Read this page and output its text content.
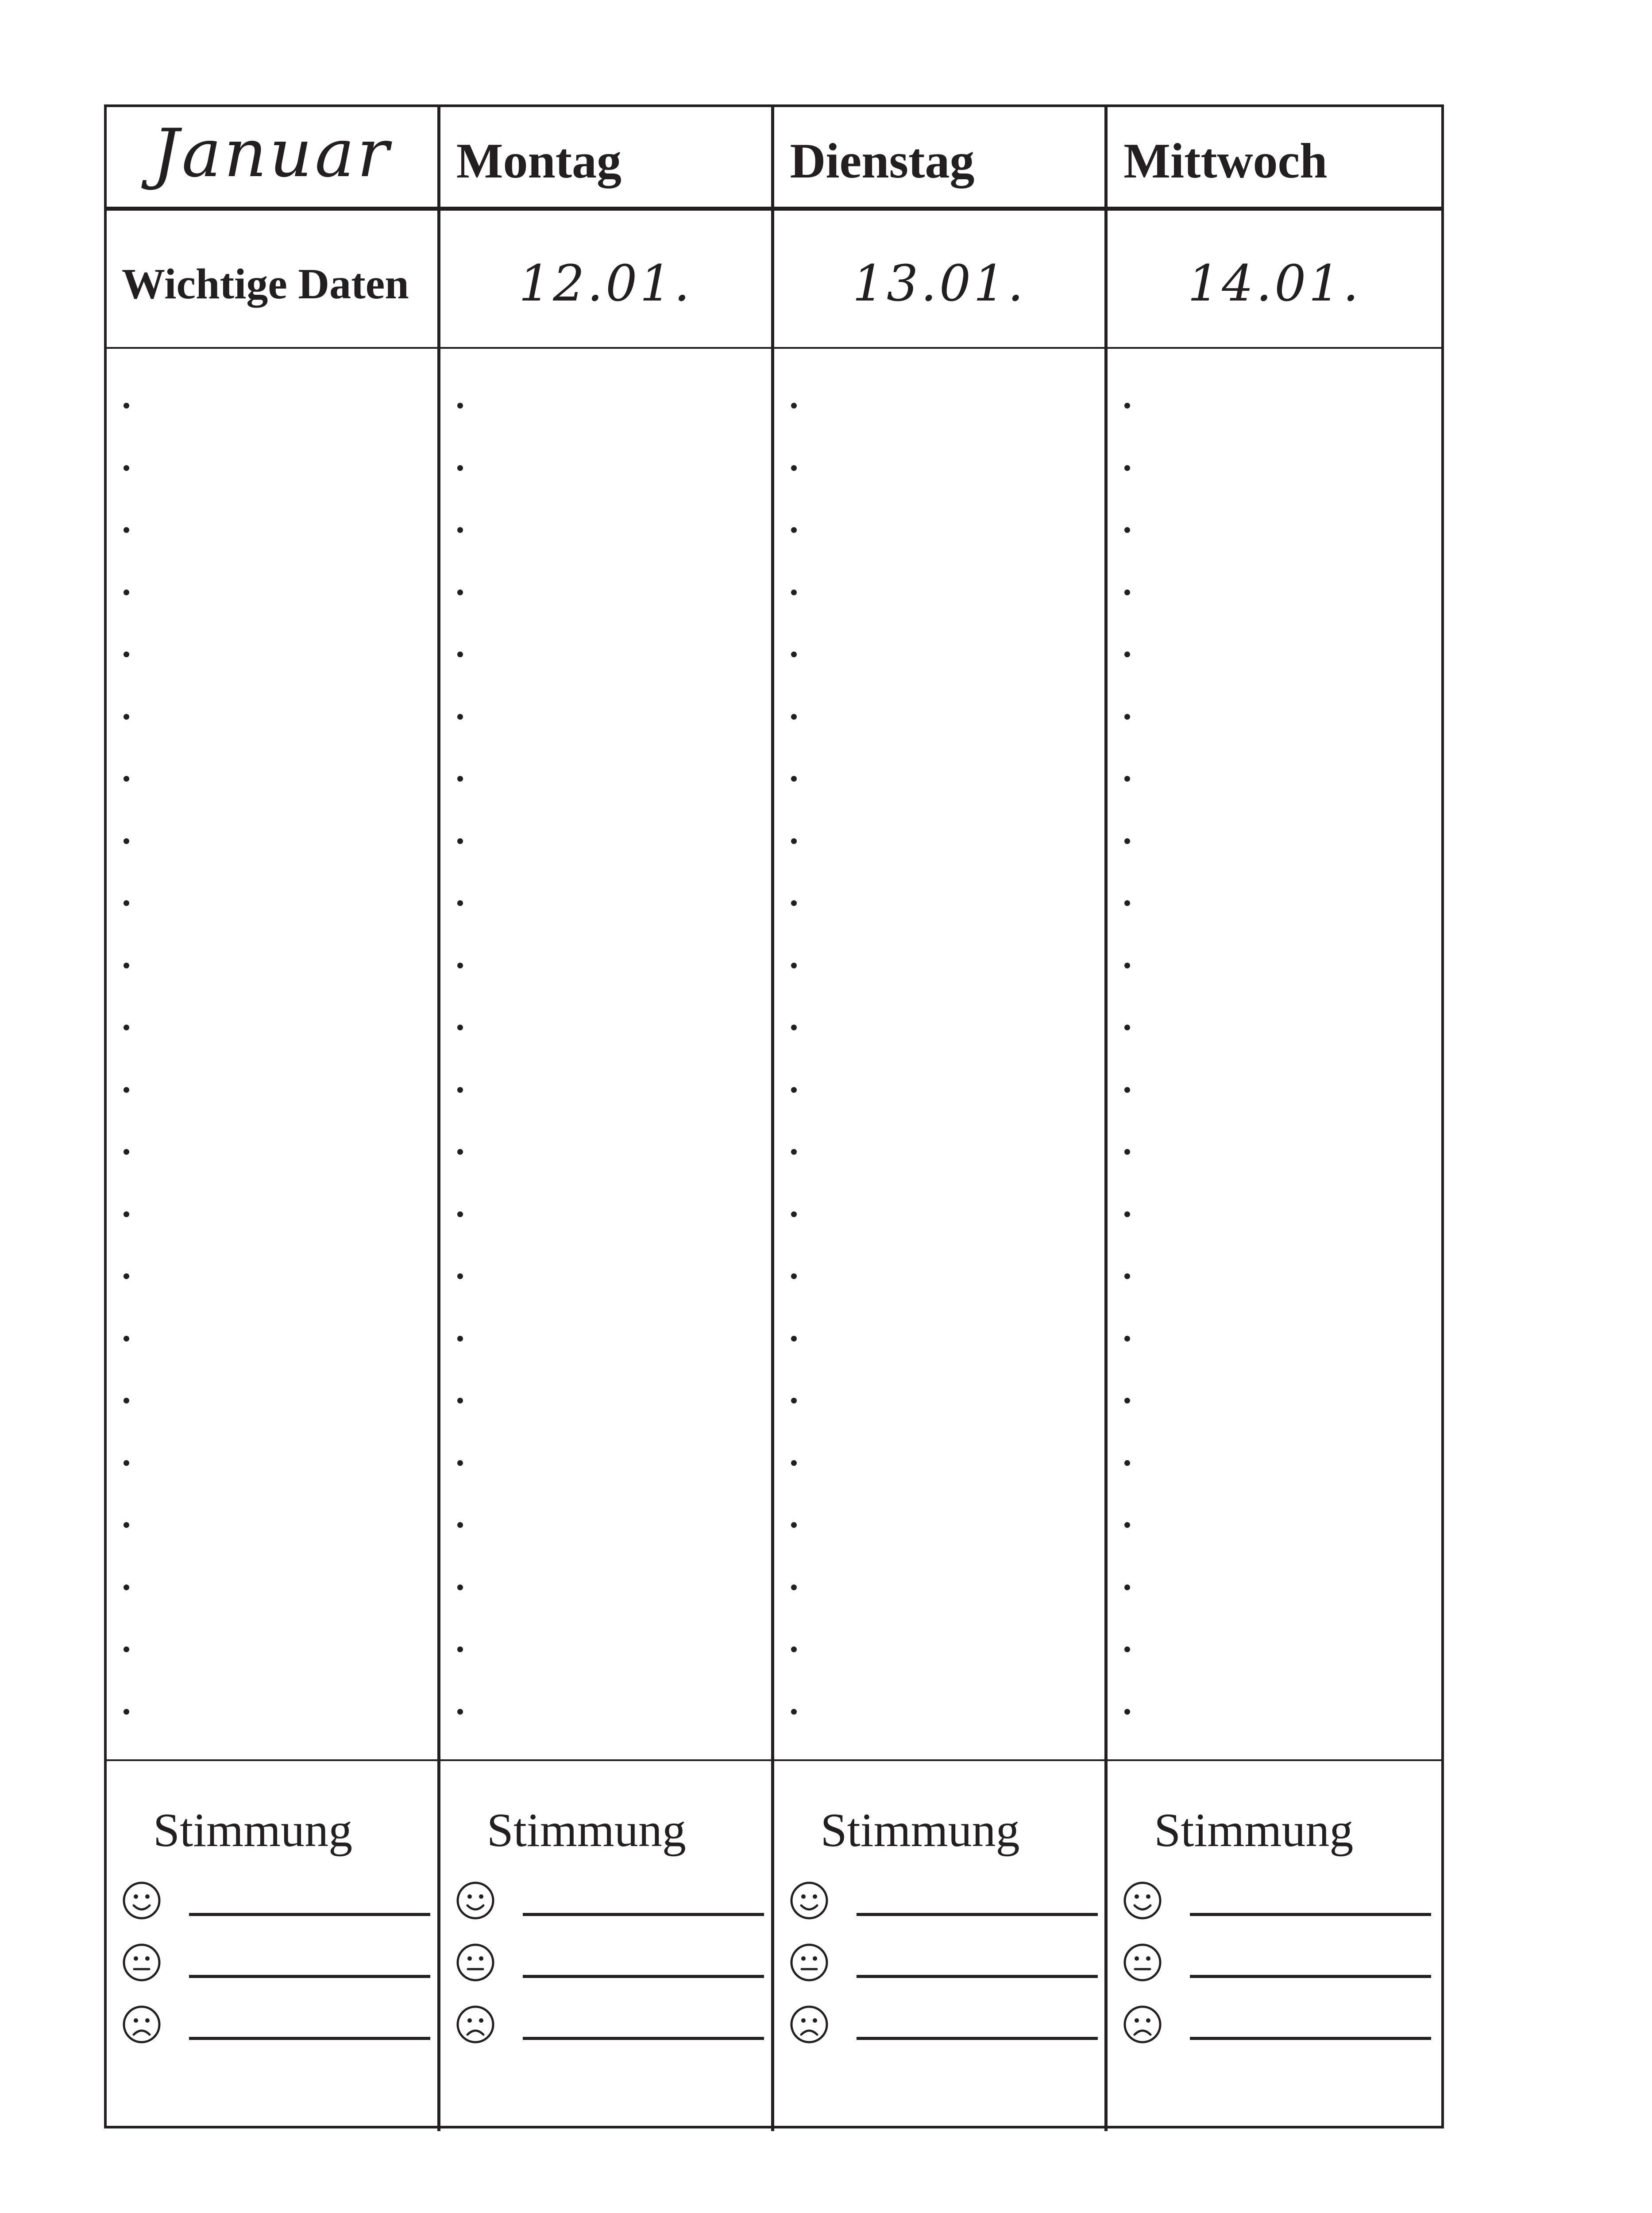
Januar	Montag	Dienstag	Mittwoch
Wichtige Daten	12.01.	13.01.	14.01.
Stimmung	Stimmung	Stimmung	Stimmung
